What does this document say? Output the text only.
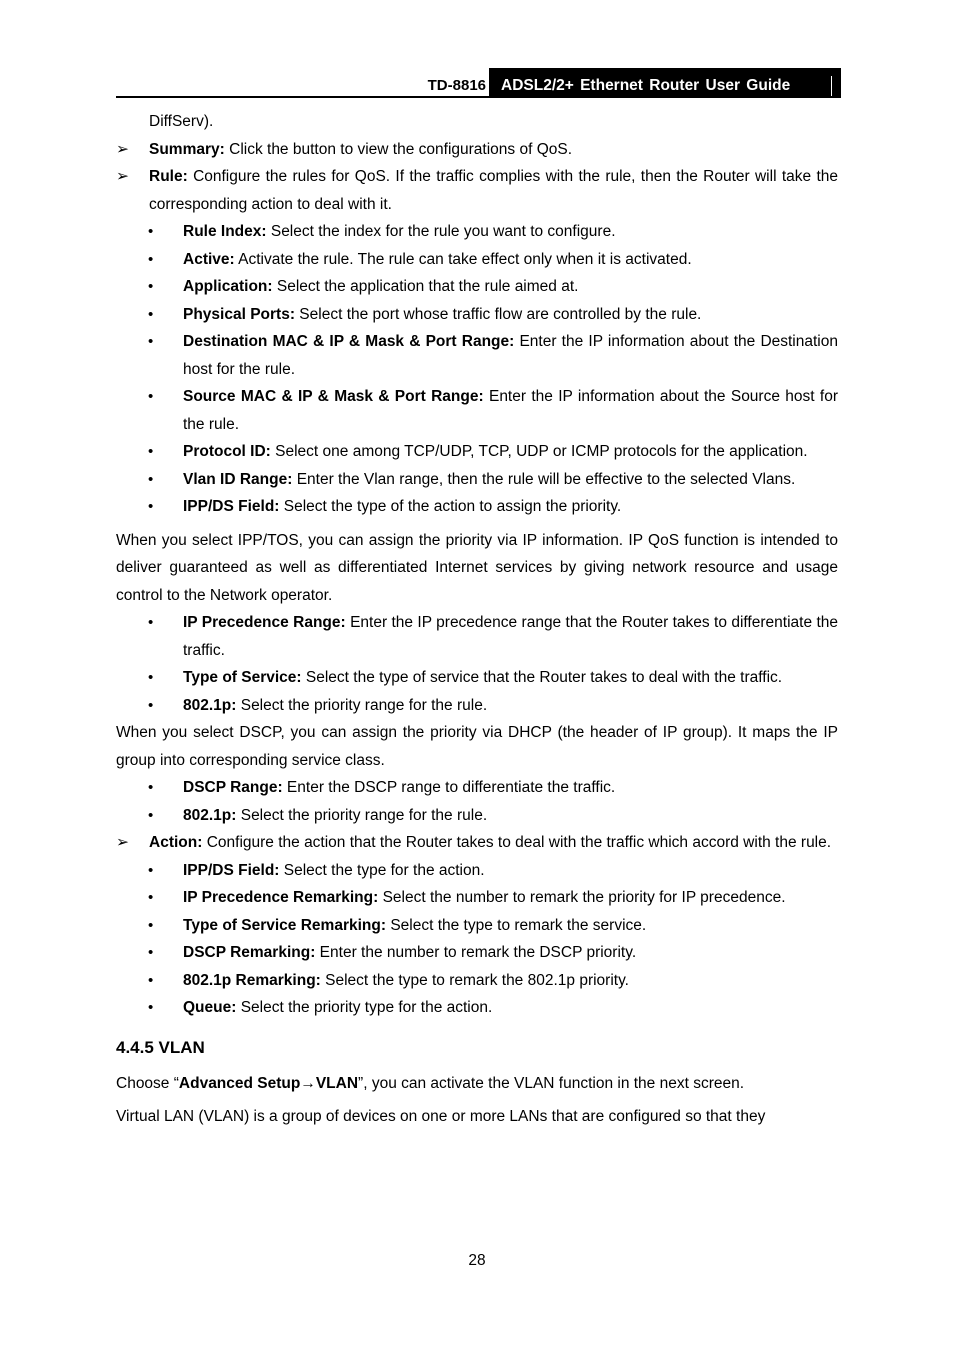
TD-8816 ADSL2/2+ Ethernet Router User Guide

DiffServ).

➢ Summary: Click the button to view the configurations of QoS.

➢ Rule: Configure the rules for QoS. If the traffic complies with the rule, then the Router will take the corresponding action to deal with it.

• Rule Index: Select the index for the rule you want to configure.

• Active: Activate the rule. The rule can take effect only when it is activated.

• Application: Select the application that the rule aimed at.

• Physical Ports: Select the port whose traffic flow are controlled by the rule.

• Destination MAC & IP & Mask & Port Range: Enter the IP information about the Destination host for the rule.

• Source MAC & IP & Mask & Port Range: Enter the IP information about the Source host for the rule.

• Protocol ID: Select one among TCP/UDP, TCP, UDP or ICMP protocols for the application.

• Vlan ID Range: Enter the Vlan range, then the rule will be effective to the selected Vlans.

• IPP/DS Field: Select the type of the action to assign the priority.

When you select IPP/TOS, you can assign the priority via IP information. IP QoS function is intended to deliver guaranteed as well as differentiated Internet services by giving network resource and usage control to the Network operator.

• IP Precedence Range: Enter the IP precedence range that the Router takes to differentiate the traffic.

• Type of Service: Select the type of service that the Router takes to deal with the traffic.

• 802.1p: Select the priority range for the rule.

When you select DSCP, you can assign the priority via DHCP (the header of IP group). It maps the IP group into corresponding service class.

• DSCP Range: Enter the DSCP range to differentiate the traffic.

• 802.1p: Select the priority range for the rule.

➢ Action: Configure the action that the Router takes to deal with the traffic which accord with the rule.

• IPP/DS Field: Select the type for the action.

• IP Precedence Remarking: Select the number to remark the priority for IP precedence.

• Type of Service Remarking: Select the type to remark the service.

• DSCP Remarking: Enter the number to remark the DSCP priority.

• 802.1p Remarking: Select the type to remark the 802.1p priority.

• Queue: Select the priority type for the action.

4.4.5 VLAN

Choose “Advanced Setup→VLAN”, you can activate the VLAN function in the next screen.

Virtual LAN (VLAN) is a group of devices on one or more LANs that are configured so that they

28
